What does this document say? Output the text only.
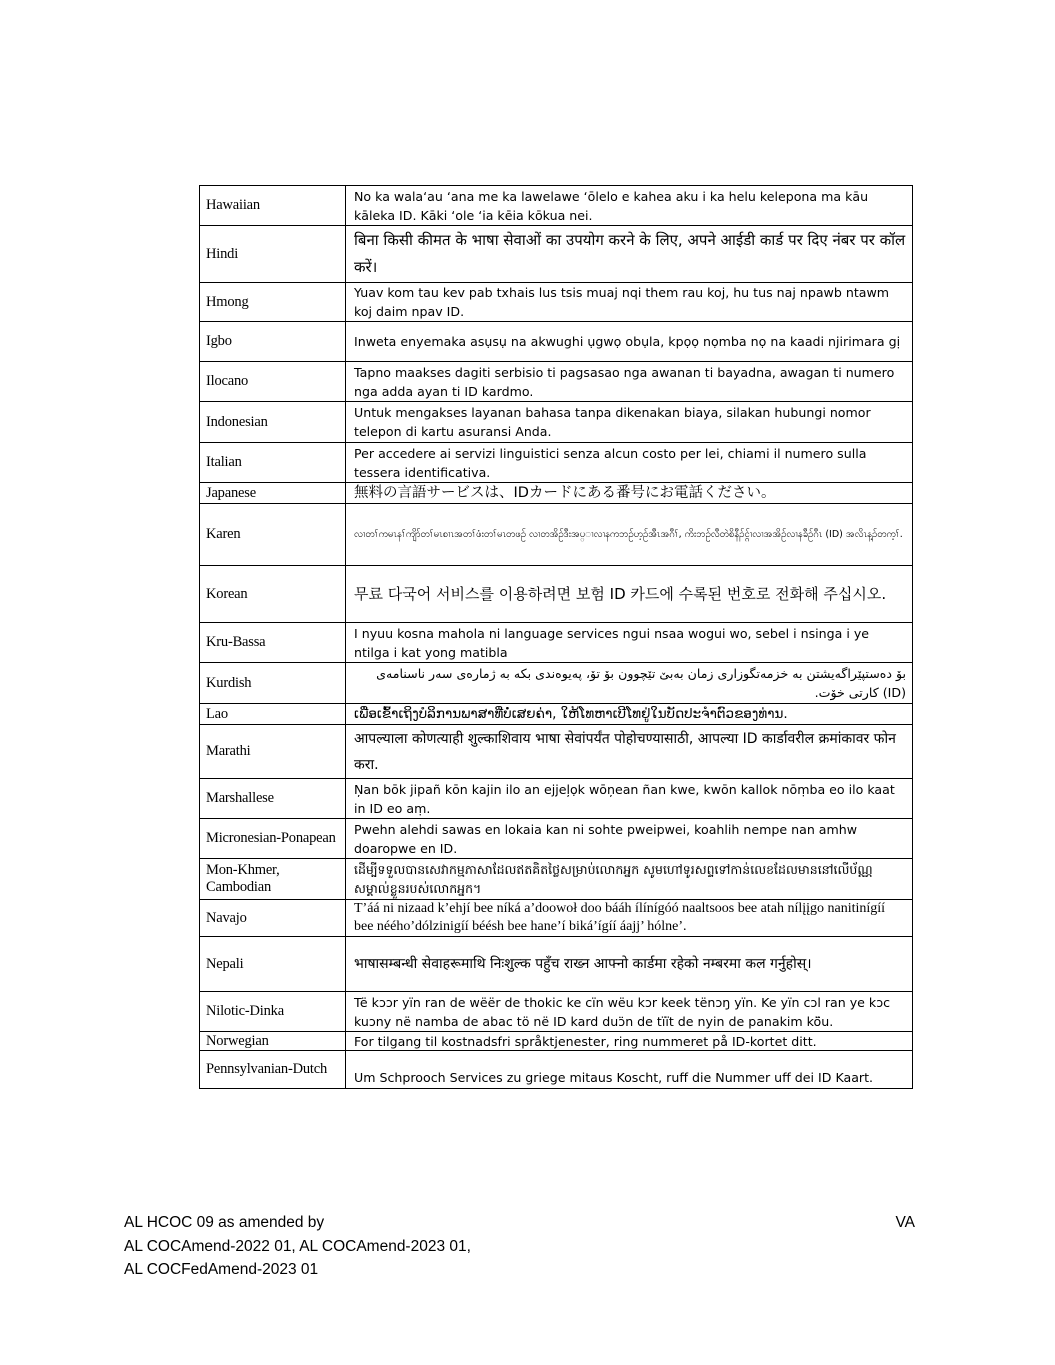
Hawaiian	No ka wala‘au ‘ana me ka lawelawe ‘ōlelo e kahea aku i ka helu kelepona ma kāu kāleka ID. Kāki ‘ole ‘ia kēia kōkua nei.
Hindi	बिना किसी कीमत के भाषा सेवाओं का उपयोग करने के लिए, अपने आईडी कार्ड पर दिए नंबर पर कॉल करें।
Hmong	Yuav kom tau kev pab txhais lus tsis muaj nqi them rau koj, hu tus naj npawb ntawm koj daim npav ID.
Igbo	Inweta enyemaka asụsụ na akwughi ụgwọ obụla, kpọọ nọmba nọ na kaadi njirimara gị
Ilocano	Tapno maakses dagiti serbisio ti pagsasao nga awanan ti bayadna, awagan ti numero nga adda ayan ti ID kardmo.
Indonesian	Untuk mengakses layanan bahasa tanpa dikenakan biaya, silakan hubungi nomor telepon di kartu asuransi Anda.
Italian	Per accedere ai servizi linguistici senza alcun costo per lei, chiami il numero sulla tessera identificativa.
Japanese	無料の言語サービスは、IDカードにある番号にお電話ください。
Karen	လၢတၢ်ကမၤနၢ်ကျိာ်တၢ်မၤစၢၤအတၢ်ဖံးတၢ်မၤတဖဉ် လၢတအိဉ်ဒီးအပ္ၢလၢနကဘဉ်ဟ့ဉ်အီၤအဂီၢ်, ကိးဘဉ်လီတဲစိနီၣ်င္ဂ်ၢလၢအအိဉ်လၢနခီဉ်ဂီၤ (ID) အလိၤန့ၣ်တက့ၢ်.
Korean	무료 다국어 서비스를 이용하려면 보험 ID 카드에 수록된 번호로 전화해 주십시오.
Kru-Bassa	I nyuu kosna mahola ni language services ngui nsaa wogui wo, sebel i nsinga i ye ntilga i kat yong matibla
Kurdish	بۆ دەستپێراگەیشتن بە خزمەتگوزاری زمان بەبێ تێچوون بۆ تۆ، پەیوەندی بکە بە ژمارەی سەر ناسنامەی (ID) کارتی خۆت.
Lao	ເພື່ອເຂົ້າເຖິງບໍລິການພາສາທີ່ບໍ່ເສຍຄ່າ, ໃຫ້ໂທຫາເບີໂທຢູ່ໃນບັດປະຈຳຕົວຂອງທ່ານ.
Marathi	आपल्याला कोणत्याही शुल्काशिवाय भाषा सेवांपर्यंत पोहोचण्यासाठी, आपल्या ID कार्डावरील क्रमांकावर फोन करा.
Marshallese	Ņan bōk jipañ kōn kajin ilo an ejjeļọk wōņean ñan kwe, kwōn kallok nōṃba eo ilo kaat in ID eo aṃ.
Micronesian-Ponapean	Pwehn alehdi sawas en lokaia kan ni sohte pweipwei, koahlih nempe nan amhw doaropwe en ID.
Mon-Khmer, Cambodian	ដើម្បីទទួលបានសេវាកម្មភាសាដែលឥតគិតថ្លៃសម្រាប់លោកអ្នក សូមហៅទូរសព្ទទៅកាន់លេខដែលមាននៅលើប័ណ្ណសម្គាល់ខ្លួនរបស់លោកអ្នក។
Navajo	T’áá ni nizaad k’ehjí bee níká a’doowoł doo bááh ílínígóó naaltsoos bee atah nílįįgo nanitinígíí bee néého’dólzinigíí béésh bee hane’í biká’ígíí áajj’ hólne’.
Nepali	भाषासम्बन्धी सेवाहरूमाथि निःशुल्क पहुँच राख्न आफ्नो कार्डमा रहेको नम्बरमा कल गर्नुहोस्।
Nilotic-Dinka	Të kɔɔr yïn ran de wëër de thokic ke cïn wëu kɔr keek tënɔŋ yïn. Ke yïn cɔl ran ye kɔc kuɔny në namba de abac tö në ID kard duɔ̈n de tïït de nyin de panakim kö̈u.
Norwegian	For tilgang til kostnadsfri språktjenester, ring nummeret på ID-kortet ditt.
Pennsylvanian-Dutch	Um Schprooch Services zu griege mitaus Koscht, ruff die Nummer uff dei ID Kaart.
AL HCOC 09 as amended by
AL COCAmend-2022 01, AL COCAmend-2023 01,
AL COCFedAmend-2023 01
VA
